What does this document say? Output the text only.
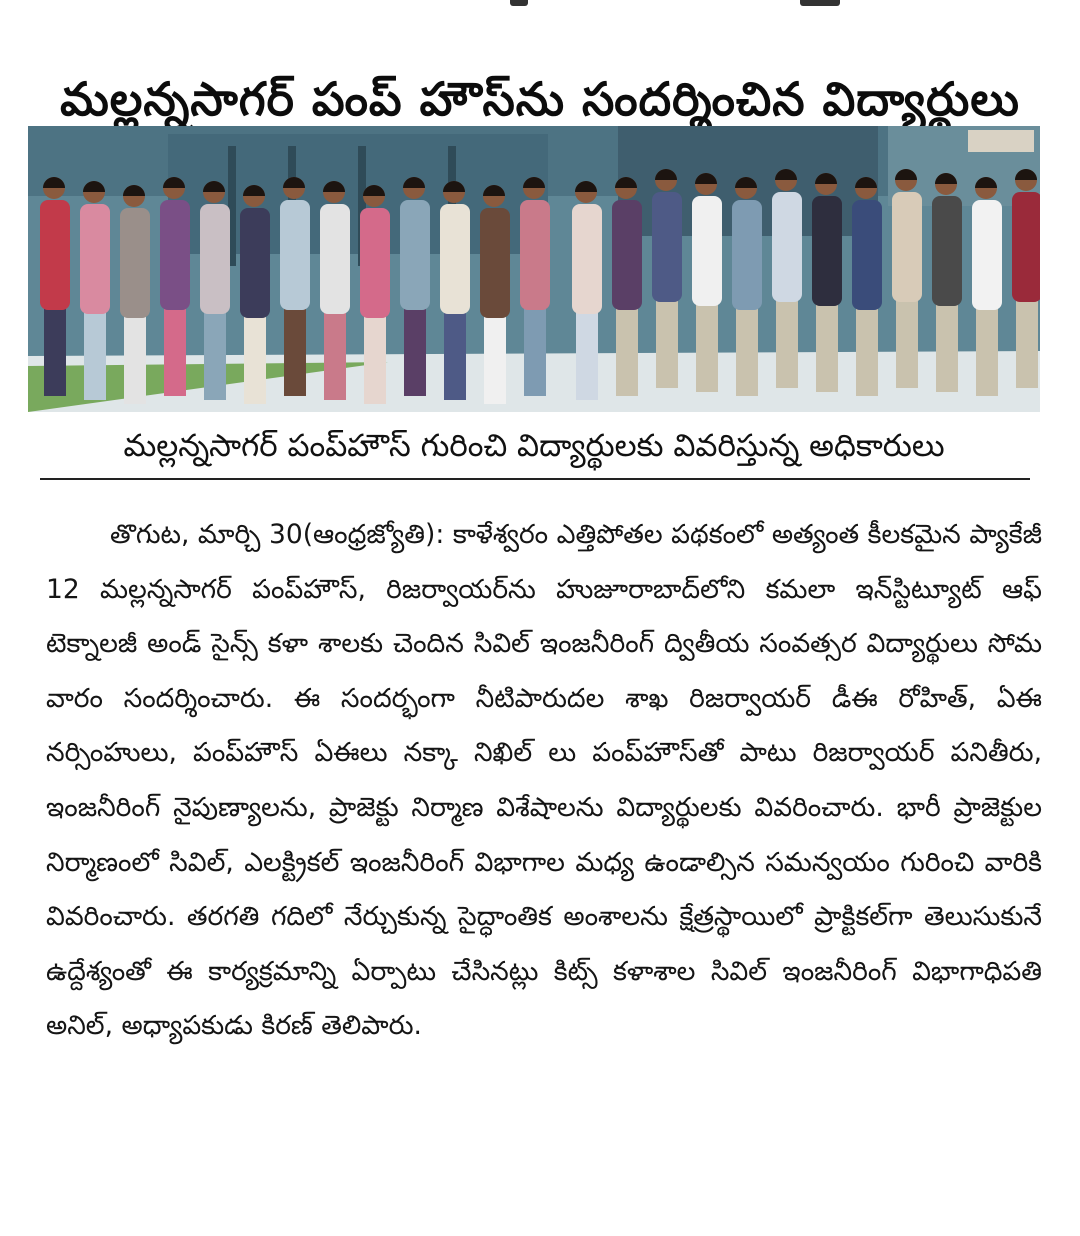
మల్లన్నసాగర్ పంప్ హౌస్‌ను సందర్శించిన విద్యార్థులు
మల్లన్నసాగర్ పంప్‌హౌస్ గురించి విద్యార్థులకు వివరిస్తున్న అధికారులు

తొగుట, మార్చి 30(ఆంధ్రజ్యోతి): కాళేశ్వరం ఎత్తిపోతల పథకంలో అత్యంత కీలకమైన ప్యాకేజీ 12 మల్లన్నసాగర్ పంప్‌హౌస్, రిజర్వాయర్‌ను హుజూరాబాద్‌లోని కమలా ఇన్‌స్టిట్యూట్ ఆఫ్ టెక్నాలజీ అండ్ సైన్స్ కళా శాలకు చెందిన సివిల్ ఇంజనీరింగ్ ద్వితీయ సంవత్సర విద్యార్థులు సోమ వారం సందర్శించారు. ఈ సందర్భంగా నీటిపారుదల శాఖ రిజర్వాయర్ డీఈ రోహిత్, ఏఈ నర్సింహులు, పంప్‌హౌస్ ఏఈలు నక్కా నిఖిల్ లు పంప్‌హౌస్‌తో పాటు రిజర్వాయర్ పనితీరు, ఇంజనీరింగ్ నైపుణ్యాలను, ప్రాజెక్టు నిర్మాణ విశేషాలను విద్యార్థులకు వివరించారు. భారీ ప్రాజెక్టుల నిర్మాణంలో సివిల్, ఎలక్ట్రికల్ ఇంజనీరింగ్ విభాగాల మధ్య ఉండాల్సిన సమన్వయం గురించి వారికి వివరించారు. తరగతి గదిలో నేర్చుకున్న సైద్ధాంతిక అంశాలను క్షేత్రస్థాయిలో ప్రాక్టికల్‌గా తెలుసుకునే ఉద్దేశ్యంతో ఈ కార్యక్రమాన్ని ఏర్పాటు చేసినట్లు కిట్స్ కళాశాల సివిల్ ఇంజనీరింగ్ విభాగాధిపతి అనిల్, అధ్యాపకుడు కిరణ్ తెలిపారు.
